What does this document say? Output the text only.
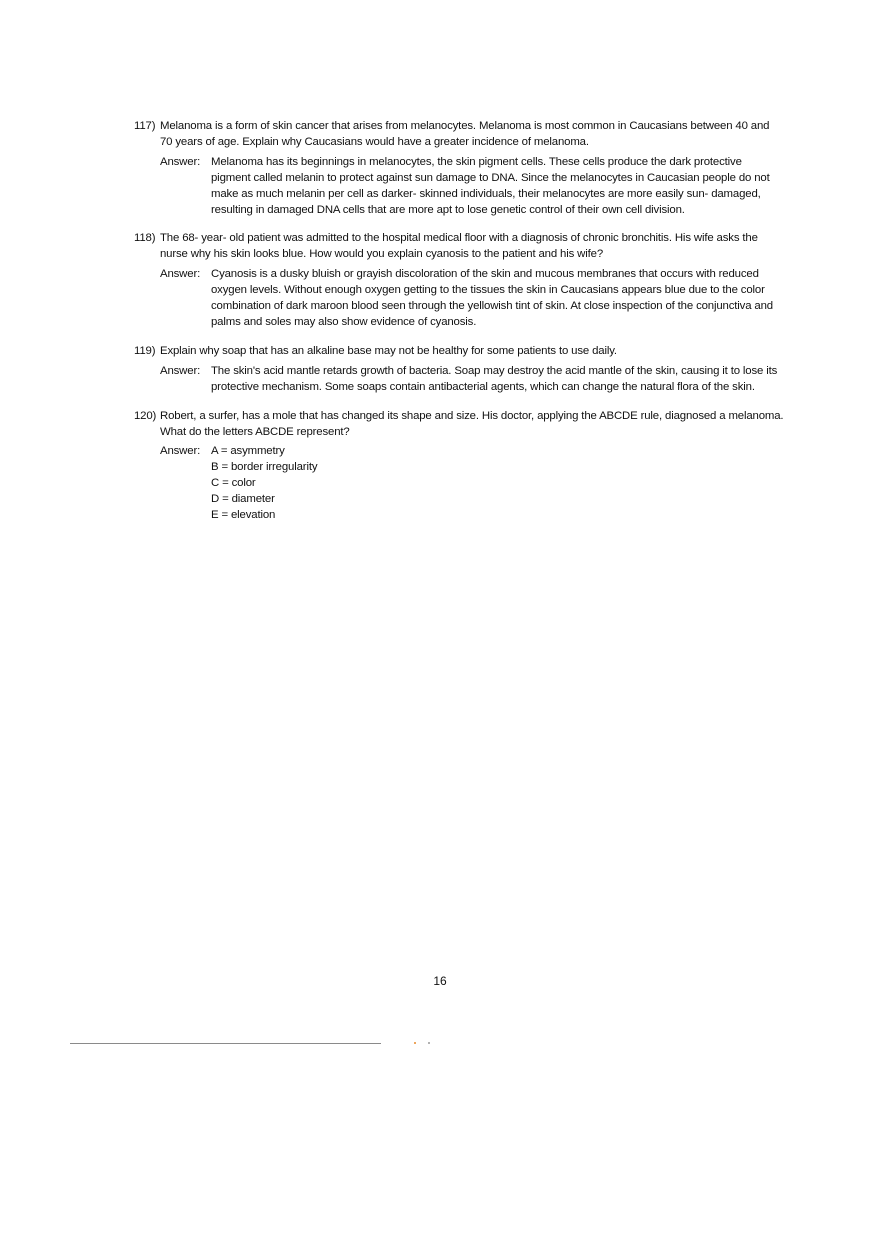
117) Melanoma is a form of skin cancer that arises from melanocytes. Melanoma is most common in Caucasians between 40 and 70 years of age. Explain why Caucasians would have a greater incidence of melanoma.
Answer: Melanoma has its beginnings in melanocytes, the skin pigment cells. These cells produce the dark protective pigment called melanin to protect against sun damage to DNA. Since the melanocytes in Caucasian people do not make as much melanin per cell as darker- skinned individuals, their melanocytes are more easily sun- damaged, resulting in damaged DNA cells that are more apt to lose genetic control of their own cell division.
118) The 68- year- old patient was admitted to the hospital medical floor with a diagnosis of chronic bronchitis. His wife asks the nurse why his skin looks blue. How would you explain cyanosis to the patient and his wife?
Answer: Cyanosis is a dusky bluish or grayish discoloration of the skin and mucous membranes that occurs with reduced oxygen levels. Without enough oxygen getting to the tissues the skin in Caucasians appears blue due to the color combination of dark maroon blood seen through the yellowish tint of skin. At close inspection of the conjunctiva and palms and soles may also show evidence of cyanosis.
119) Explain why soap that has an alkaline base may not be healthy for some patients to use daily.
Answer: The skin's acid mantle retards growth of bacteria. Soap may destroy the acid mantle of the skin, causing it to lose its protective mechanism. Some soaps contain antibacterial agents, which can change the natural flora of the skin.
120) Robert, a surfer, has a mole that has changed its shape and size. His doctor, applying the ABCDE rule, diagnosed a melanoma. What do the letters ABCDE represent?
Answer: A = asymmetry
B = border irregularity
C = color
D = diameter
E = elevation
16
